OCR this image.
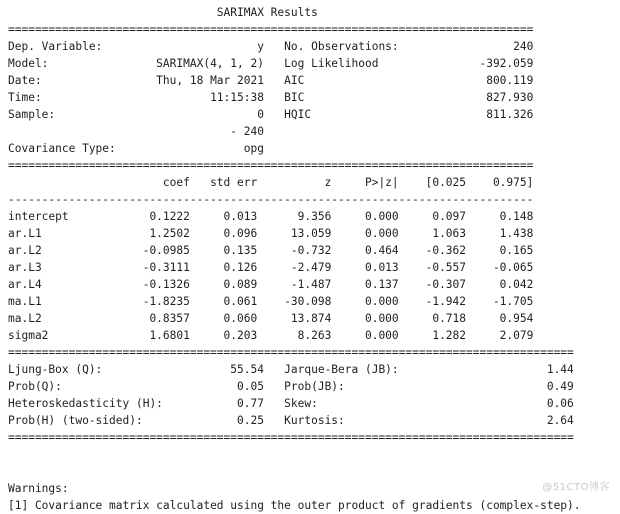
SARIMAX Results
==============================================================================
Dep. Variable:                       y   No. Observations:                 240
Model:                SARIMAX(4, 1, 2)   Log Likelihood               -392.059
Date:                 Thu, 18 Mar 2021   AIC                           800.119
Time:                         11:15:38   BIC                           827.930
Sample:                              0   HQIC                          811.326
- 240
Covariance Type:                   opg
==============================================================================
coef   std err          z     P>|z|    [0.025    0.975]
------------------------------------------------------------------------------
intercept            0.1222     0.013      9.356     0.000     0.097     0.148
ar.L1                1.2502     0.096     13.059     0.000     1.063     1.438
ar.L2               -0.0985     0.135     -0.732     0.464    -0.362     0.165
ar.L3               -0.3111     0.126     -2.479     0.013    -0.557    -0.065
ar.L4               -0.1326     0.089     -1.487     0.137    -0.307     0.042
ma.L1               -1.8235     0.061    -30.098     0.000    -1.942    -1.705
ma.L2                0.8357     0.060     13.874     0.000     0.718     0.954
sigma2               1.6801     0.203      8.263     0.000     1.282     2.079
====================================================================================
Ljung-Box (Q):                   55.54   Jarque-Bera (JB):                      1.44
Prob(Q):                          0.05   Prob(JB):                              0.49
Heteroskedasticity (H):           0.77   Skew:                                  0.06
Prob(H) (two-sided):              0.25   Kurtosis:                              2.64
====================================================================================
Warnings:
[1] Covariance matrix calculated using the outer product of gradients (complex-step).
@51CTO博客
